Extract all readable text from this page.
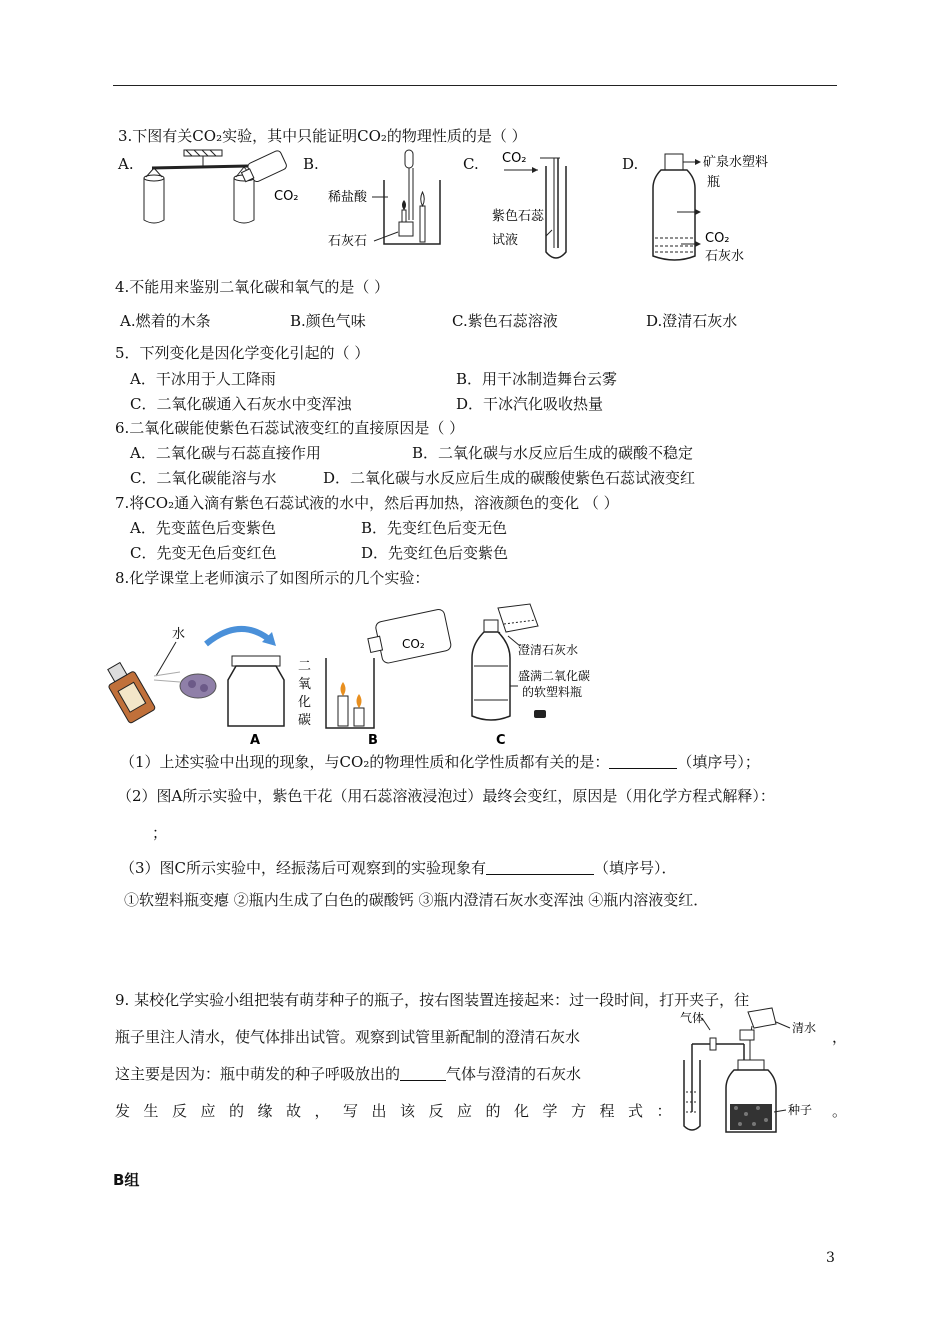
3.下图有关CO₂实验，其中只能证明CO₂的物理性质的是（ ）
A.	B.	C.	D.
CO₂ 稀盐酸
石灰石
CO₂
紫色石蕊
试液
矿泉水塑料
瓶
CO₂
石灰水
4.不能用来鉴别二氧化碳和氧气的是（ ）
A.燃着的木条	B.颜色气味	C.紫色石蕊溶液	D.澄清石灰水
5．下列变化是因化学变化引起的（ ）
A．干冰用于人工降雨	B．用干冰制造舞台云雾
C．二氧化碳通入石灰水中变浑浊	D．干冰汽化吸收热量
6.二氧化碳能使紫色石蕊试液变红的直接原因是（ ）
A．二氧化碳与石蕊直接作用	B．二氧化碳与水反应后生成的碳酸不稳定
C．二氧化碳能溶与水	D．二氧化碳与水反应后生成的碳酸使紫色石蕊试液变红
7.将CO₂通入滴有紫色石蕊试液的水中，然后再加热，溶液颜色的变化 （ ）
A．先变蓝色后变紫色	B．先变红色后变无色
C．先变无色后变红色	D．先变红色后变紫色
8.化学课堂上老师演示了如图所示的几个实验：
水
二
氧
化
碳
A
CO₂
B
澄清石灰水
盛满二氧化碳
的软塑料瓶
C
（1）上述实验中出现的现象，与CO₂的物理性质和化学性质都有关的是：	（填序号）；
（2）图A所示实验中，紫色干花（用石蕊溶液浸泡过）最终会变红，原因是（用化学方程式解释）：
；
（3）图C所示实验中，经振荡后可观察到的实验现象有	（填序号）．
①软塑料瓶变瘪 ②瓶内生成了白色的碳酸钙 ③瓶内澄清石灰水变浑浊 ④瓶内溶液变红．
9. 某校化学实验小组把装有萌芽种子的瓶子，按右图装置连接起来：过一段时间，打开夹子，往
瓶子里注人清水，使气体排出试管。观察到试管里新配制的澄清石灰水	，
这主要是因为：瓶中萌发的种子呼吸放出的	气体与澄清的石灰水
发生反应的缘故，写出该反应的化学方程式：	。
气体
清水
种子
B组
3
